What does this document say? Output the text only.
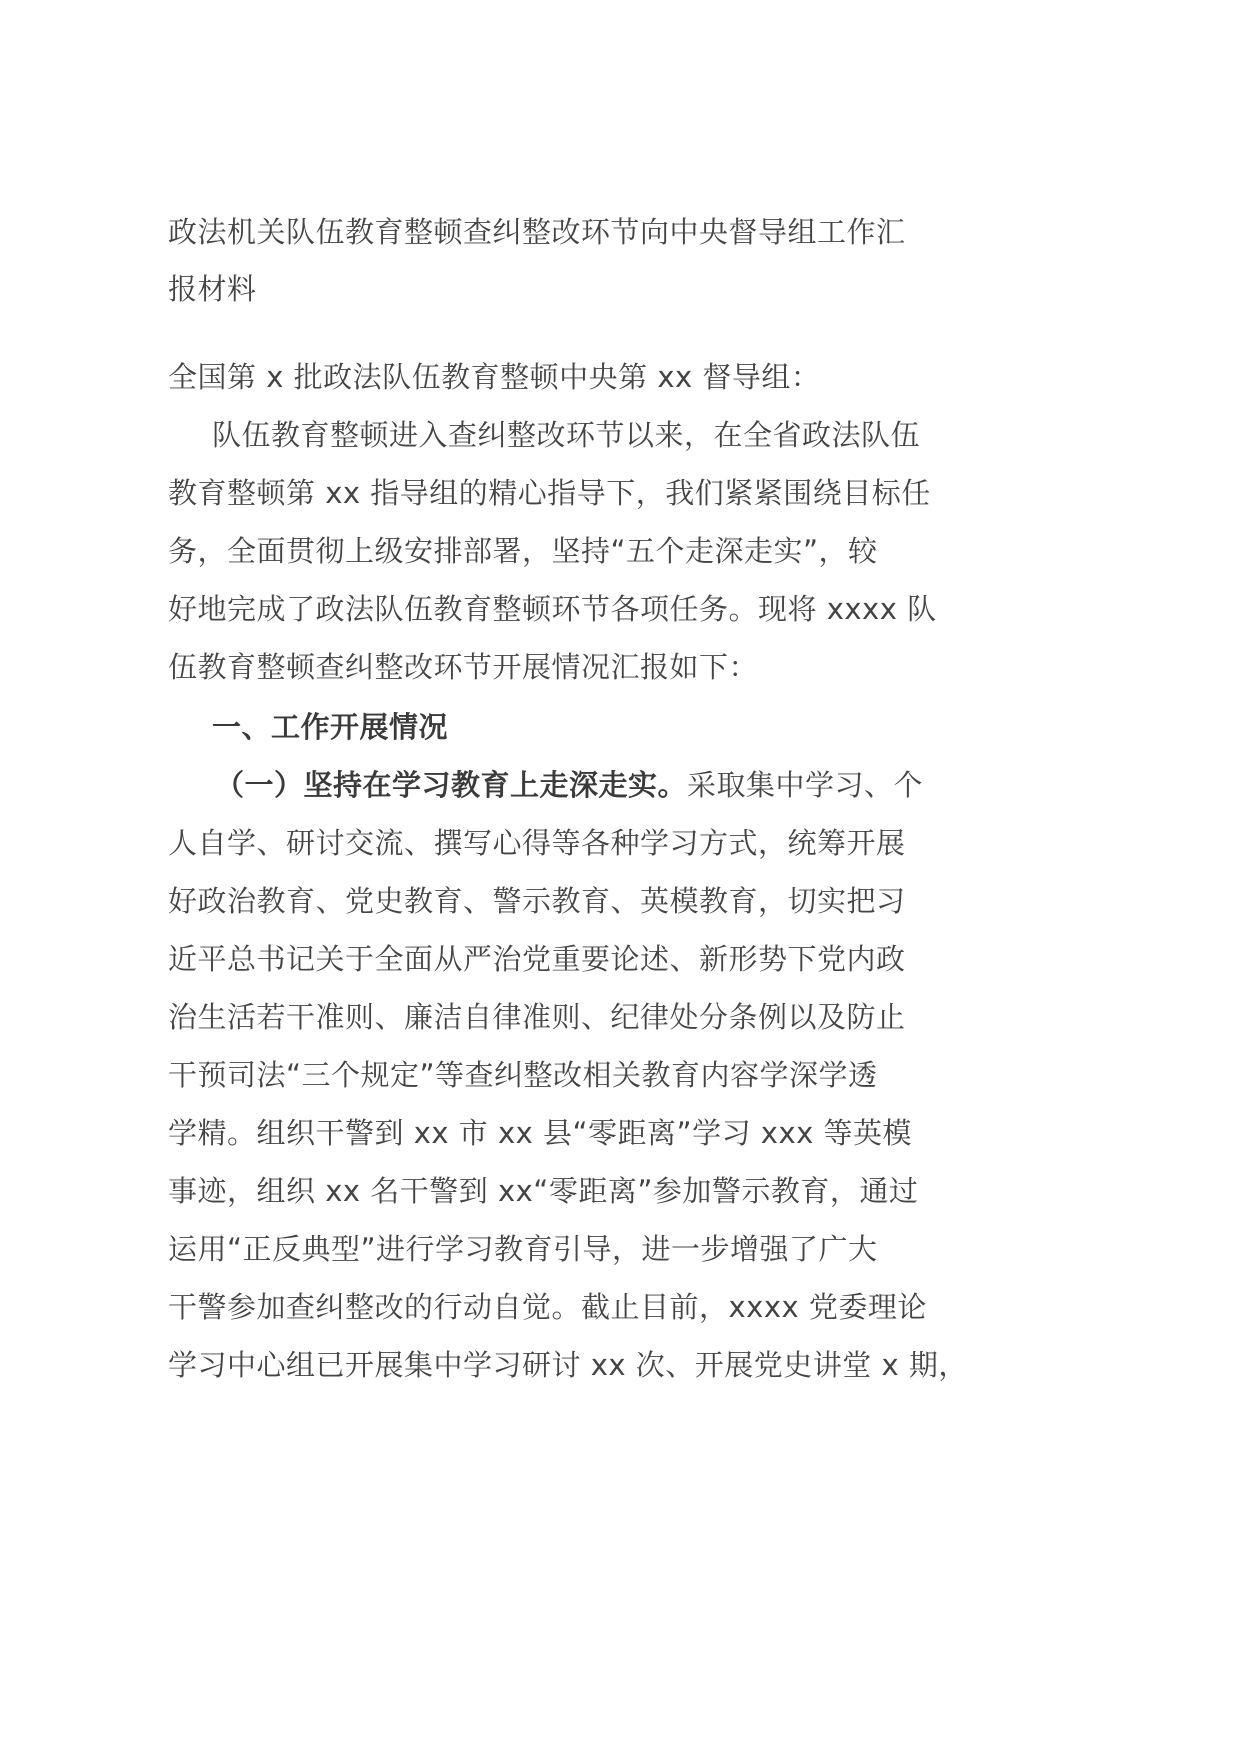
政法机关队伍教育整顿查纠整改环节向中央督导组工作汇
报材料
全国第 x 批政法队伍教育整顿中央第 xx 督导组：
队伍教育整顿进入查纠整改环节以来，在全省政法队伍
教育整顿第 xx 指导组的精心指导下，我们紧紧围绕目标任
务，全面贯彻上级安排部署，坚持“五个走深走实”，较
好地完成了政法队伍教育整顿环节各项任务。现将 xxxx 队
伍教育整顿查纠整改环节开展情况汇报如下：
一、工作开展情况
（一）坚持在学习教育上走深走实。采取集中学习、个
人自学、研讨交流、撰写心得等各种学习方式，统筹开展
好政治教育、党史教育、警示教育、英模教育，切实把习
近平总书记关于全面从严治党重要论述、新形势下党内政
治生活若干准则、廉洁自律准则、纪律处分条例以及防止
干预司法“三个规定”等查纠整改相关教育内容学深学透
学精。组织干警到 xx 市 xx 县“零距离”学习 xxx 等英模
事迹，组织 xx 名干警到 xx“零距离”参加警示教育，通过
运用“正反典型”进行学习教育引导，进一步增强了广大
干警参加查纠整改的行动自觉。截止目前，xxxx 党委理论
学习中心组已开展集中学习研讨 xx 次、开展党史讲堂 x 期，
